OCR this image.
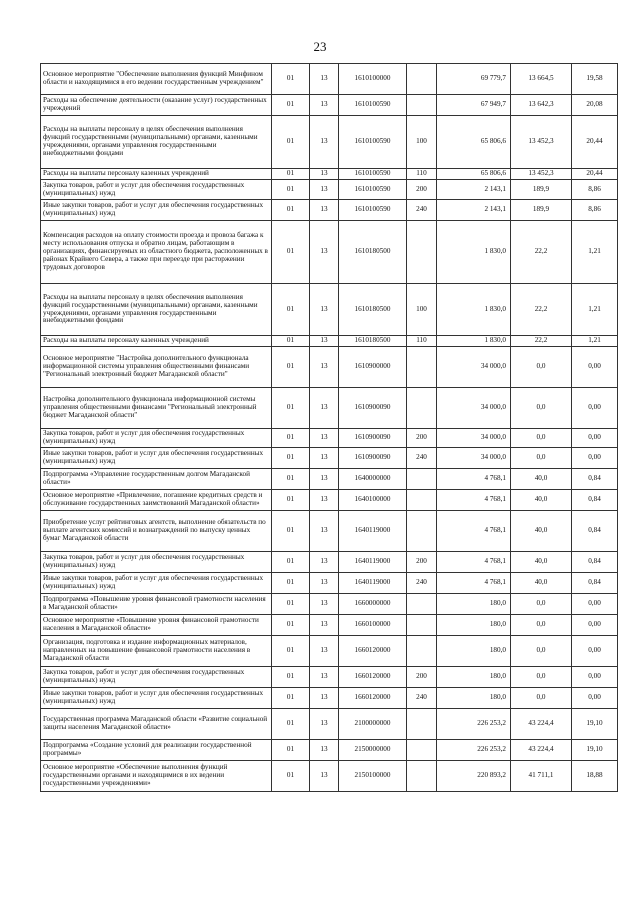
23
Основное мероприятие "Обеспечение выполнения функций Минфином области и находящимися в его ведении государственным учреждением"	01	13	1610100000		69 779,7	13 664,5	19,58
Расходы на обеспечение деятельности (оказание услуг) государственных учреждений	01	13	1610100590		67 949,7	13 642,3	20,08
Расходы на выплаты персоналу в целях обеспечения выполнения функций государственными (муниципальными) органами, казенными учреждениями, органами управления государственными внебюджетными фондами	01	13	1610100590	100	65 806,6	13 452,3	20,44
Расходы на выплаты персоналу казенных учреждений	01	13	1610100590	110	65 806,6	13 452,3	20,44
Закупка товаров, работ и услуг для обеспечения государственных (муниципальных) нужд	01	13	1610100590	200	2 143,1	189,9	8,86
Иные закупки товаров, работ и услуг для обеспечения государственных (муниципальных) нужд	01	13	1610100590	240	2 143,1	189,9	8,86
Компенсация расходов на оплату стоимости проезда и провоза багажа к месту использования отпуска и обратно лицам, работающим в организациях, финансируемых из областного бюджета, расположенных в районах Крайнего Севера, а также при переезде при расторжении трудовых договоров	01	13	1610180500		1 830,0	22,2	1,21
Расходы на выплаты персоналу в целях обеспечения выполнения функций государственными (муниципальными) органами, казенными учреждениями, органами управления государственными внебюджетными фондами	01	13	1610180500	100	1 830,0	22,2	1,21
Расходы на выплаты персоналу казенных учреждений	01	13	1610180500	110	1 830,0	22,2	1,21
Основное мероприятие "Настройка дополнительного функционала информационной системы управления общественными финансами "Региональный электронный бюджет Магаданской области"	01	13	1610900000		34 000,0	0,0	0,00
Настройка дополнительного функционала информационной системы управления общественными финансами "Региональный электронный бюджет Магаданской области"	01	13	1610900090		34 000,0	0,0	0,00
Закупка товаров, работ и услуг для обеспечения государственных (муниципальных) нужд	01	13	1610900090	200	34 000,0	0,0	0,00
Иные закупки товаров, работ и услуг для обеспечения государственных (муниципальных) нужд	01	13	1610900090	240	34 000,0	0,0	0,00
Подпрограмма «Управление государственным долгом Магаданской области»	01	13	1640000000		4 768,1	40,0	0,84
Основное мероприятие «Привлечение, погашение кредитных средств и обслуживание государственных заимствований Магаданской области»	01	13	1640100000		4 768,1	40,0	0,84
Приобретение услуг рейтинговых агентств, выполнение обязательств по выплате агентских комиссий и вознаграждений по выпуску ценных бумаг Магаданской области	01	13	1640119000		4 768,1	40,0	0,84
Закупка товаров, работ и услуг для обеспечения государственных (муниципальных) нужд	01	13	1640119000	200	4 768,1	40,0	0,84
Иные закупки товаров, работ и услуг для обеспечения государственных (муниципальных) нужд	01	13	1640119000	240	4 768,1	40,0	0,84
Подпрограмма «Повышение уровня финансовой грамотности населения в Магаданской области»	01	13	1660000000		180,0	0,0	0,00
Основное мероприятие «Повышение уровня финансовой грамотности населения в Магаданской области»	01	13	1660100000		180,0	0,0	0,00
Организация, подготовка и издание информационных материалов, направленных на повышение финансовой грамотности населения в Магаданской области	01	13	1660120000		180,0	0,0	0,00
Закупка товаров, работ и услуг для обеспечения государственных (муниципальных) нужд	01	13	1660120000	200	180,0	0,0	0,00
Иные закупки товаров, работ и услуг для обеспечения государственных (муниципальных) нужд	01	13	1660120000	240	180,0	0,0	0,00
Государственная программа Магаданской области «Развитие социальной защиты населения Магаданской области»	01	13	2100000000		226 253,2	43 224,4	19,10
Подпрограмма «Создание условий для реализации государственной программы»	01	13	2150000000		226 253,2	43 224,4	19,10
Основное мероприятие «Обеспечение выполнения функций государственными органами и находящимися в их ведении государственными учреждениями»	01	13	2150100000		220 893,2	41 711,1	18,88
